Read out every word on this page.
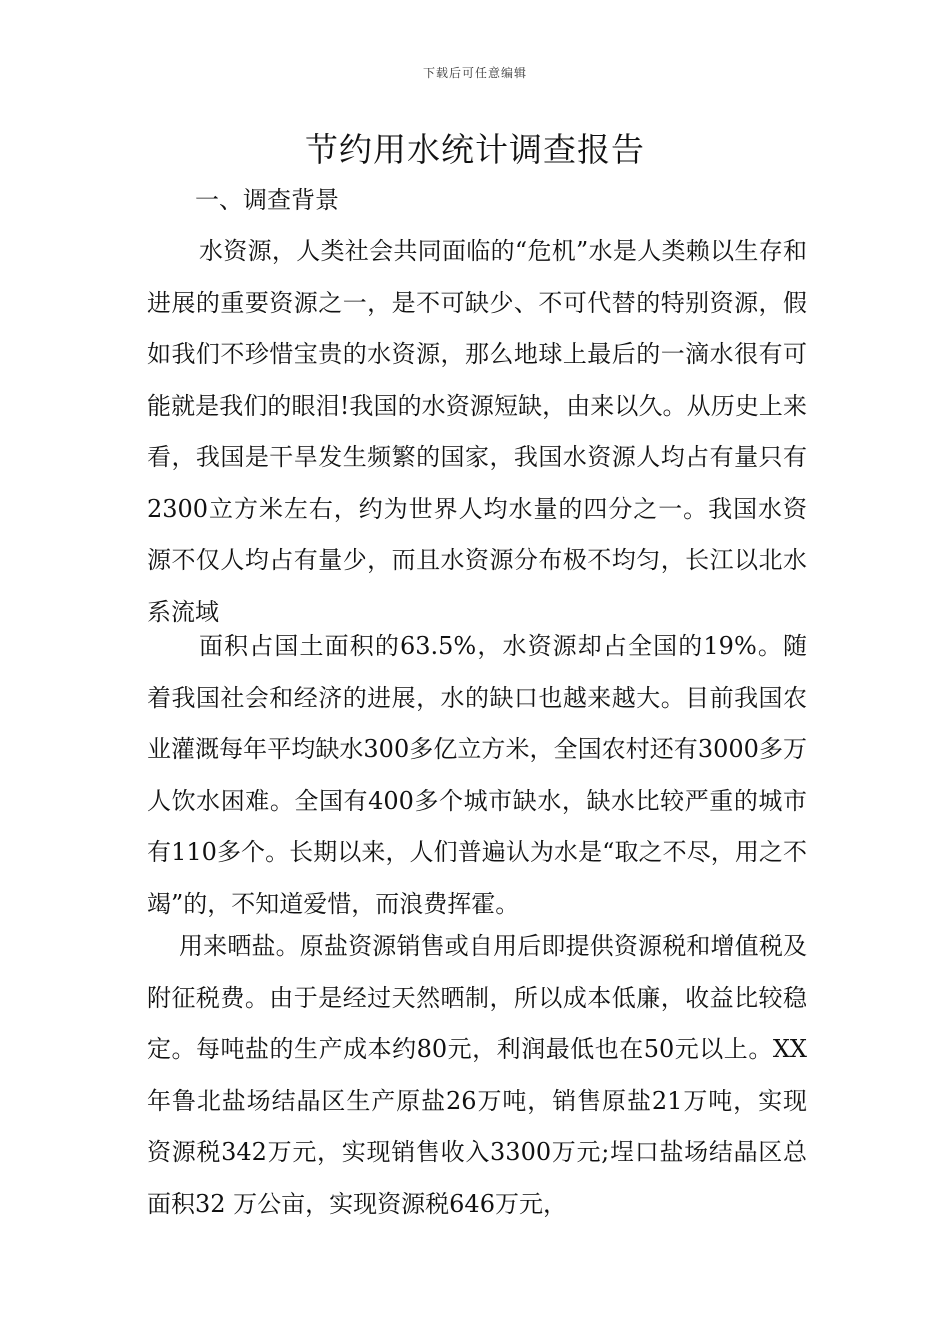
下载后可任意编辑
节约用水统计调查报告
一、调查背景

水资源，人类社会共同面临的“危机”水是人类赖以生存和进展的重要资源之一，是不可缺少、不可代替的特别资源，假如我们不珍惜宝贵的水资源，那么地球上最后的一滴水很有可能就是我们的眼泪!我国的水资源短缺，由来以久。从历史上来看，我国是干旱发生频繁的国家，我国水资源人均占有量只有2300立方米左右，约为世界人均水量的四分之一。我国水资源不仅人均占有量少，而且水资源分布极不均匀，长江以北水系流域

面积占国土面积的63.5%，水资源却占全国的19%。随着我国社会和经济的进展，水的缺口也越来越大。目前我国农业灌溉每年平均缺水300多亿立方米，全国农村还有3000多万人饮水困难。全国有400多个城市缺水，缺水比较严重的城市有110多个。长期以来，人们普遍认为水是“取之不尽，用之不竭”的，不知道爱惜，而浪费挥霍。

用来晒盐。原盐资源销售或自用后即提供资源税和增值税及附征税费。由于是经过天然晒制，所以成本低廉，收益比较稳定。每吨盐的生产成本约80元，利润最低也在50元以上。XX年鲁北盐场结晶区生产原盐26万吨，销售原盐21万吨，实现资源税342万元，实现销售收入3300万元;埕口盐场结晶区总面积32 万公亩，实现资源税646万元，
